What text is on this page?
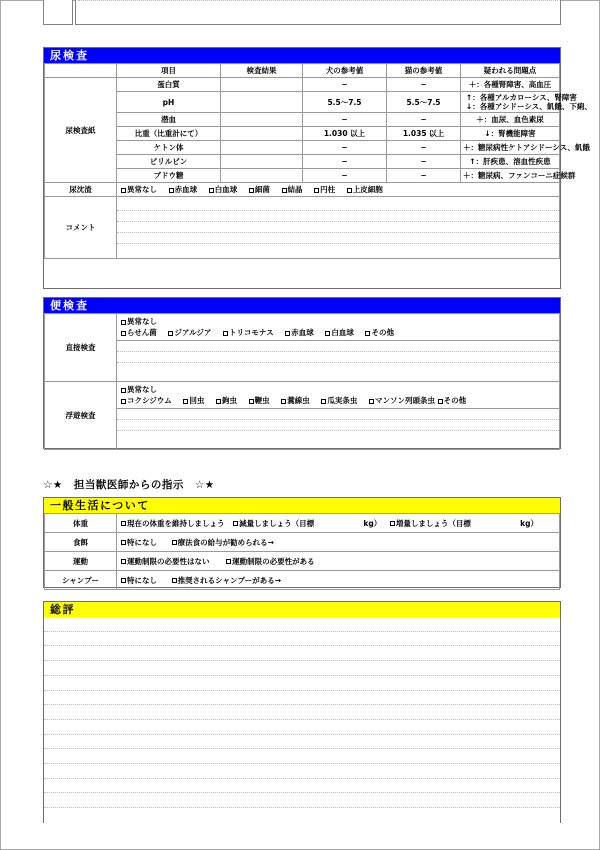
尿検査
	項目	検査結果	犬の参考値	猫の参考値	疑われる問題点
尿検査紙	蛋白質		−	−	＋：各種腎障害、高血圧

	pH		5.5〜7.5	5.5〜7.5	↑：各種アルカローシス、腎障害
↓：各種アシドーシス、飢餓、下痢、

	潜血		−	−	＋：血尿、血色素尿

	比重（比重計にて）		1.030 以上	1.035 以上	↓：腎機能障害

	ケトン体		−	−	＋：糖尿病性ケトアシドーシス、飢餓

	ビリルビン		−	−	↑：肝疾患、溶血性疾患

	ブドウ糖		−	−	＋：糖尿病、ファンコーニ症候群

尿沈渣	異常なし 赤血球 白血球 細菌 結晶 円柱 上皮細胞				
コメント					
便検査
直接検査	異常なし
らせん菌 ジアルジア トリコモナス 赤血球 白血球 その他

浮遊検査	異常なし
コクシジウム 回虫 鉤虫 鞭虫 糞線虫 瓜実条虫 マンソン列頭条虫 その他
☆★　担当獣医師からの指示　☆★
一般生活について
体重	現在の体重を維持しましょう 減量しましょう（目標 kg） 増量しましょう（目標 kg）
食餌	特になし 療法食の給与が勧められる→
運動	運動制限の必要性はない 運動制限の必要性がある
シャンプー	特になし 推奨されるシャンプーがある→
総評
